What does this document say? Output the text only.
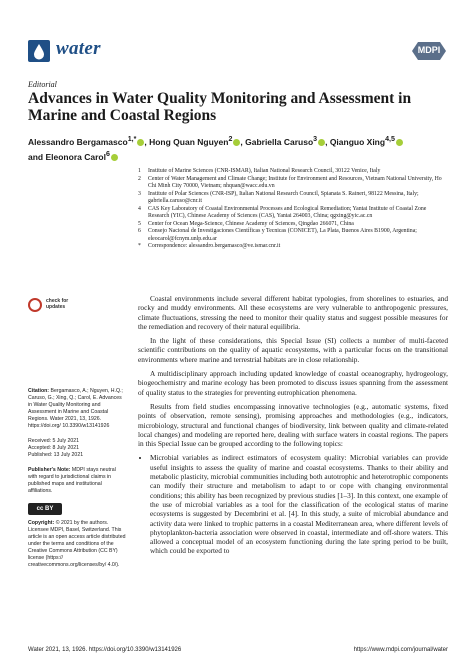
water	MDPI
Editorial
Advances in Water Quality Monitoring and Assessment in Marine and Coastal Regions
Alessandro Bergamasco$^{1,*}$ , Hong Quan Nguyen$^2$ , Gabriella Caruso$^3$ , Qianguo Xing$^{4,5}$
and Eleonora Carol$^6$
1 Institute of Marine Sciences (CNR-ISMAR), Italian National Research Council, 30122 Venice, Italy
2 Center of Water Management and Climate Change; Institute for Environment and Resources, Vietnam National University, Ho Chi Minh City 70000, Vietnam; nhquan@wacc.edu.vn
3 Institute of Polar Sciences (CNR-ISP), Italian National Research Council, Spianata S. Raineri, 98122 Messina, Italy; gabriella.caruso@cnr.it
4 CAS Key Laboratory of Coastal Environmental Processes and Ecological Remediation; Yantai Institute of Coastal Zone Research (YIC), Chinese Academy of Sciences (CAS), Yantai 264003, China; qgxing@yic.ac.cn
5 Center for Ocean Mega-Science, Chinese Academy of Sciences, Qingdao 266071, China
6 Consejo Nacional de Investigaciones Científicas y Tecnicas (CONICET), La Plata, Buenos Aires B1900, Argentina; eleocarol@fcnym.unlp.edu.ar
* Correspondence: alessandro.bergamasco@ve.ismar.cnr.it
check for
updates
Citation: Bergamasco, A.; Nguyen, H.Q.; Caruso, G.; Xing, Q.; Carol, E. Advances in Water Quality Monitoring and Assessment in Marine and Coastal Regions. Water 2021, 13, 1926. https://doi.org/ 10.3390/w13141926
Received: 5 July 2021
Accepted: 8 July 2021
Published: 13 July 2021
Publisher's Note: MDPI stays neutral with regard to jurisdictional claims in published maps and institutional affiliations.
cc BY
Copyright: © 2021 by the authors. Licensee MDPI, Basel, Switzerland. This article is an open access article distributed under the terms and conditions of the Creative Commons Attribution (CC BY) license (https:// creativecommons.org/licenses/by/ 4.0/).

Coastal environments include several different habitat typologies, from shorelines to estuaries, and rocky and muddy environments. All these ecosystems are very vulnerable to anthropogenic pressures, climate fluctuations, stressing the need to monitor their quality status and suggest possible measures for the remediation and recovery of their natural equilibria.

In the light of these considerations, this Special Issue (SI) collects a number of multi-faceted scientific contributions on the quality of aquatic ecosystems, with a particular focus on the transitional environments where marine and terrestrial habitats are in close relationship.

A multidisciplinary approach including updated knowledge of coastal oceanography, hydrogeology, biogeochemistry and marine ecology has been promoted to discuss issues spanning from the assessment of quality status to the strategies for preventing eutrophication phenomena.

Results from field studies encompassing innovative technologies (e.g., automatic systems, fixed points of observation, remote sensing), promising approaches and methodologies (e.g., indicators, microbiology, structural and functional changes of biodiversity, link between quality and climate-related local changes) and modeling are reported here, dealing with surface waters in coastal regions. The papers in this Special Issue can be grouped according to the following topics:

• Microbial variables as indirect estimators of ecosystem quality: Microbial variables can provide useful insights to assess the quality of marine and coastal ecosystems. Thanks to their ability and metabolic plasticity, microbial communities including both autotrophic and heterotrophic components can modify their structure and metabolism to adapt to or cope with changing environmental conditions; this ability has been recognized by previous studies [1–3]. In this context, one example of the use of microbial variables as a tool for the classification of the ecological status of marine ecosystems is suggested by Decembrini et al. [4]. In this study, a suite of microbial abundance and activity data were linked to trophic patterns in a coastal Mediterranean area, where different levels of phytoplankton-bacteria association were observed in coastal, intermediate and off-shore waters. This allowed a conceptual model of an ecosystem functioning during the late spring period to be built, which could be exported to
Water 2021, 13, 1926. https://doi.org/10.3390/w13141926	https://www.mdpi.com/journal/water
